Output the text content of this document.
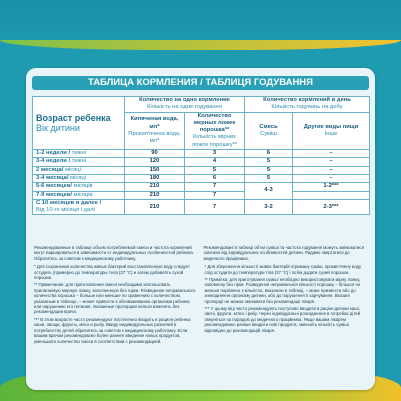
ТАБЛИЦА КОРМЛЕНИЯ / ТАБЛИЦЯ ГОДУВАННЯ
Возраст ребенка
Вік дитини	Количество на одно кормление
Кількість на одне годування		Количество кормлений в день
Кількість годувань на добу	
	Кипяченая вода, мл*
Прокип'ячена вода, мл*	Количество мерных ложек порошка**
Кількість мірних ложок порошку**	Смесь
Суміш	Другие виды пищи
Інше

1-2 недели / тижні	90	3	6	–
3-4 недели / тижні	120	4	5	–
2 месяца/ місяці	150	5	5	–
3-4 месяца/ місяці	180	6	5	–
5-6 месяцев/ місяців	210	7	4-3	1-2***
7-9 месяцев/ місяців	210	7		
С 10 месяцев и далее /
Від 10-го місяця і далі	210	7	3-2	2-3***
Рекомендованные в таблице объем потребляемой смеси и частота кормлений могут варьироваться в зависимости от индивидуальных особенностей ребенка. Обратитесь за советом к медицинскому работнику.
Рекомендовані в таблиці об'єм суміші та частота годування можуть змінюватися залежно від індивідуальних особливостей дитини. Радимо звертатися до медичного працівника.

* Для сохранения количества живых бактерий восстановленную воду следует остудить (примерно до температуры тела (37 °С) и затем добавлять сухой порошок.

** Примечание: для приготовления смеси необходимо использовать прилагаемую мерную ложку, заполненную без горки. Разведение неправильного количества порошка – больше или меньше по сравнению с количеством, указанным в таблице, – может привести к обезвоживанию организма ребенка или нарушению его питания. Указанные пропорции нельзя изменять без рекомендации врача.

*** В этом возрасте часто рекомендуют постепенно вводить в рацион ребенка каши, овощи, фрукты, мясо и рыбу. Ввиду индивидуальных различий в потребностях детей обратитесь за советом к медицинскому работнику. Если вашим врачом рекомендовано более раннее введение новых продуктов, уменьшите количество смеси в соответствии с рекомендацией.

* Для збереження кількості живих бактерій отриману суміш, прокип'ячену воду слід остудити до температури тіла (37 °С) і потім додати сухий порошок.

** Примітка: для приготування суміші необхідно використовувати мірну ложку, заповнену без гірки. Розведення неправильної кількості порошку – більшої чи меншої порівняно з кількістю, вказаною в таблиці, – може призвести або до зневоднення організму дитини, або до порушення її харчування. Вказані пропорції не можна змінювати без рекомендації лікаря.

*** У цьому віці часто рекомендують поступово вводити в раціон дитини каші, овочі, фрукти, м'ясо і рибу. Через індивідуальні розходження в потребах дітей зверніться за порадою до медичного працівника. Якщо вашим лікарем рекомендовано раніше вводити нові продукти, зменшіть кількість суміші відповідно до рекомендацій лікаря.
